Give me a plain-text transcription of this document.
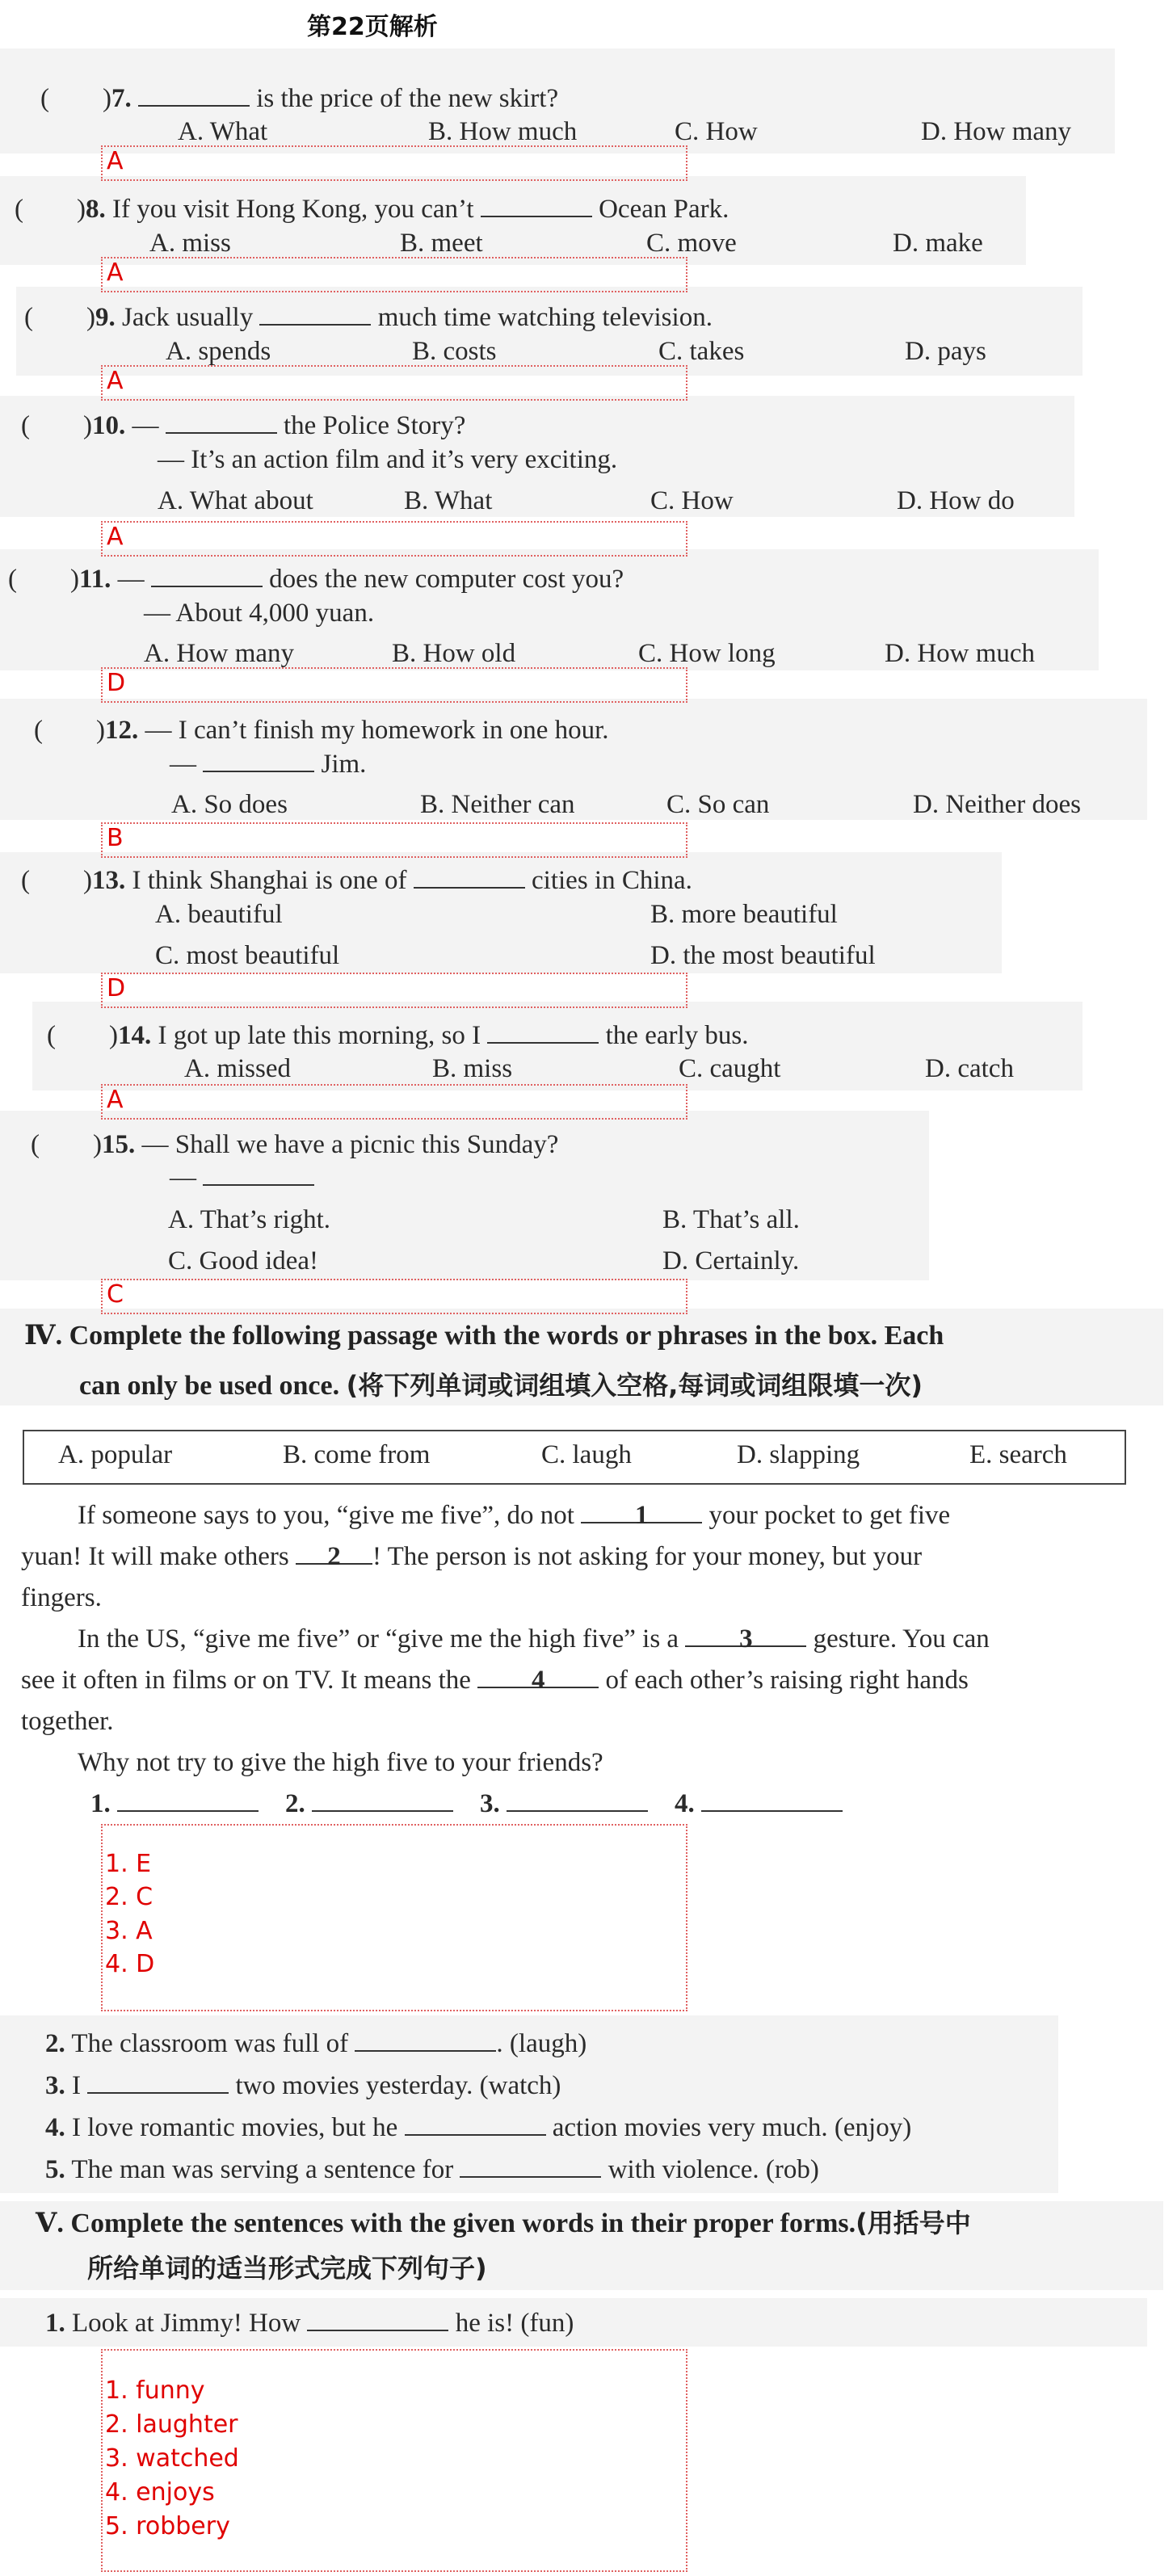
第22页解析
(　　)7.	is the price of the new skirt?
A. What	B. How much	C. How	D. How many
A
(　　)8. If you visit Hong Kong, you can’t	Ocean Park.
A. miss	B. meet	C. move	D. make
A
(　　)9. Jack usually	much time watching television.
A. spends	B. costs	C. takes	D. pays
A
(　　)10. —	the Police Story?
— It’s an action film and it’s very exciting.
A. What about	B. What	C. How	D. How do
A
(　　)11. —	does the new computer cost you?
— About 4,000 yuan.
A. How many	B. How old	C. How long	D. How much
D
(　　)12. — I can’t finish my homework in one hour.
—	Jim.
A. So does	B. Neither can	C. So can	D. Neither does
B
(　　)13. I think Shanghai is one of	cities in China.
A. beautiful	B. more beautiful
C. most beautiful	D. the most beautiful
D
(　　)14. I got up late this morning, so I	the early bus.
A. missed	B. miss	C. caught	D. catch
A
(　　)15. — Shall we have a picnic this Sunday?
—
A. That’s right.	B. That’s all.
C. Good idea!	D. Certainly.
C
Ⅳ. Complete the following passage with the words or phrases in the box. Each
can only be used once. (将下列单词或词组填入空格,每词或词组限填一次)
A. popular	B. come from	C. laugh	D. slapping	E. search
If someone says to you, “give me five”, do not 1 your pocket to get five
yuan! It will make others 2 ! The person is not asking for your money, but your
fingers.
In the US, “give me five” or “give me the high five” is a 3 gesture. You can
see it often in films or on TV. It means the 4 of each other’s raising right hands
together.
Why not try to give the high five to your friends?
1.	2.	3.	4.
1. E
2. C
3. A
4. D
2. The classroom was full of	. (laugh)
3. I	two movies yesterday. (watch)
4. I love romantic movies, but he	action movies very much. (enjoy)
5. The man was serving a sentence for	with violence. (rob)
Ⅴ. Complete the sentences with the given words in their proper forms.(用括号中
所给单词的适当形式完成下列句子)
1. Look at Jimmy! How	he is! (fun)
1. funny
2. laughter
3. watched
4. enjoys
5. robbery
